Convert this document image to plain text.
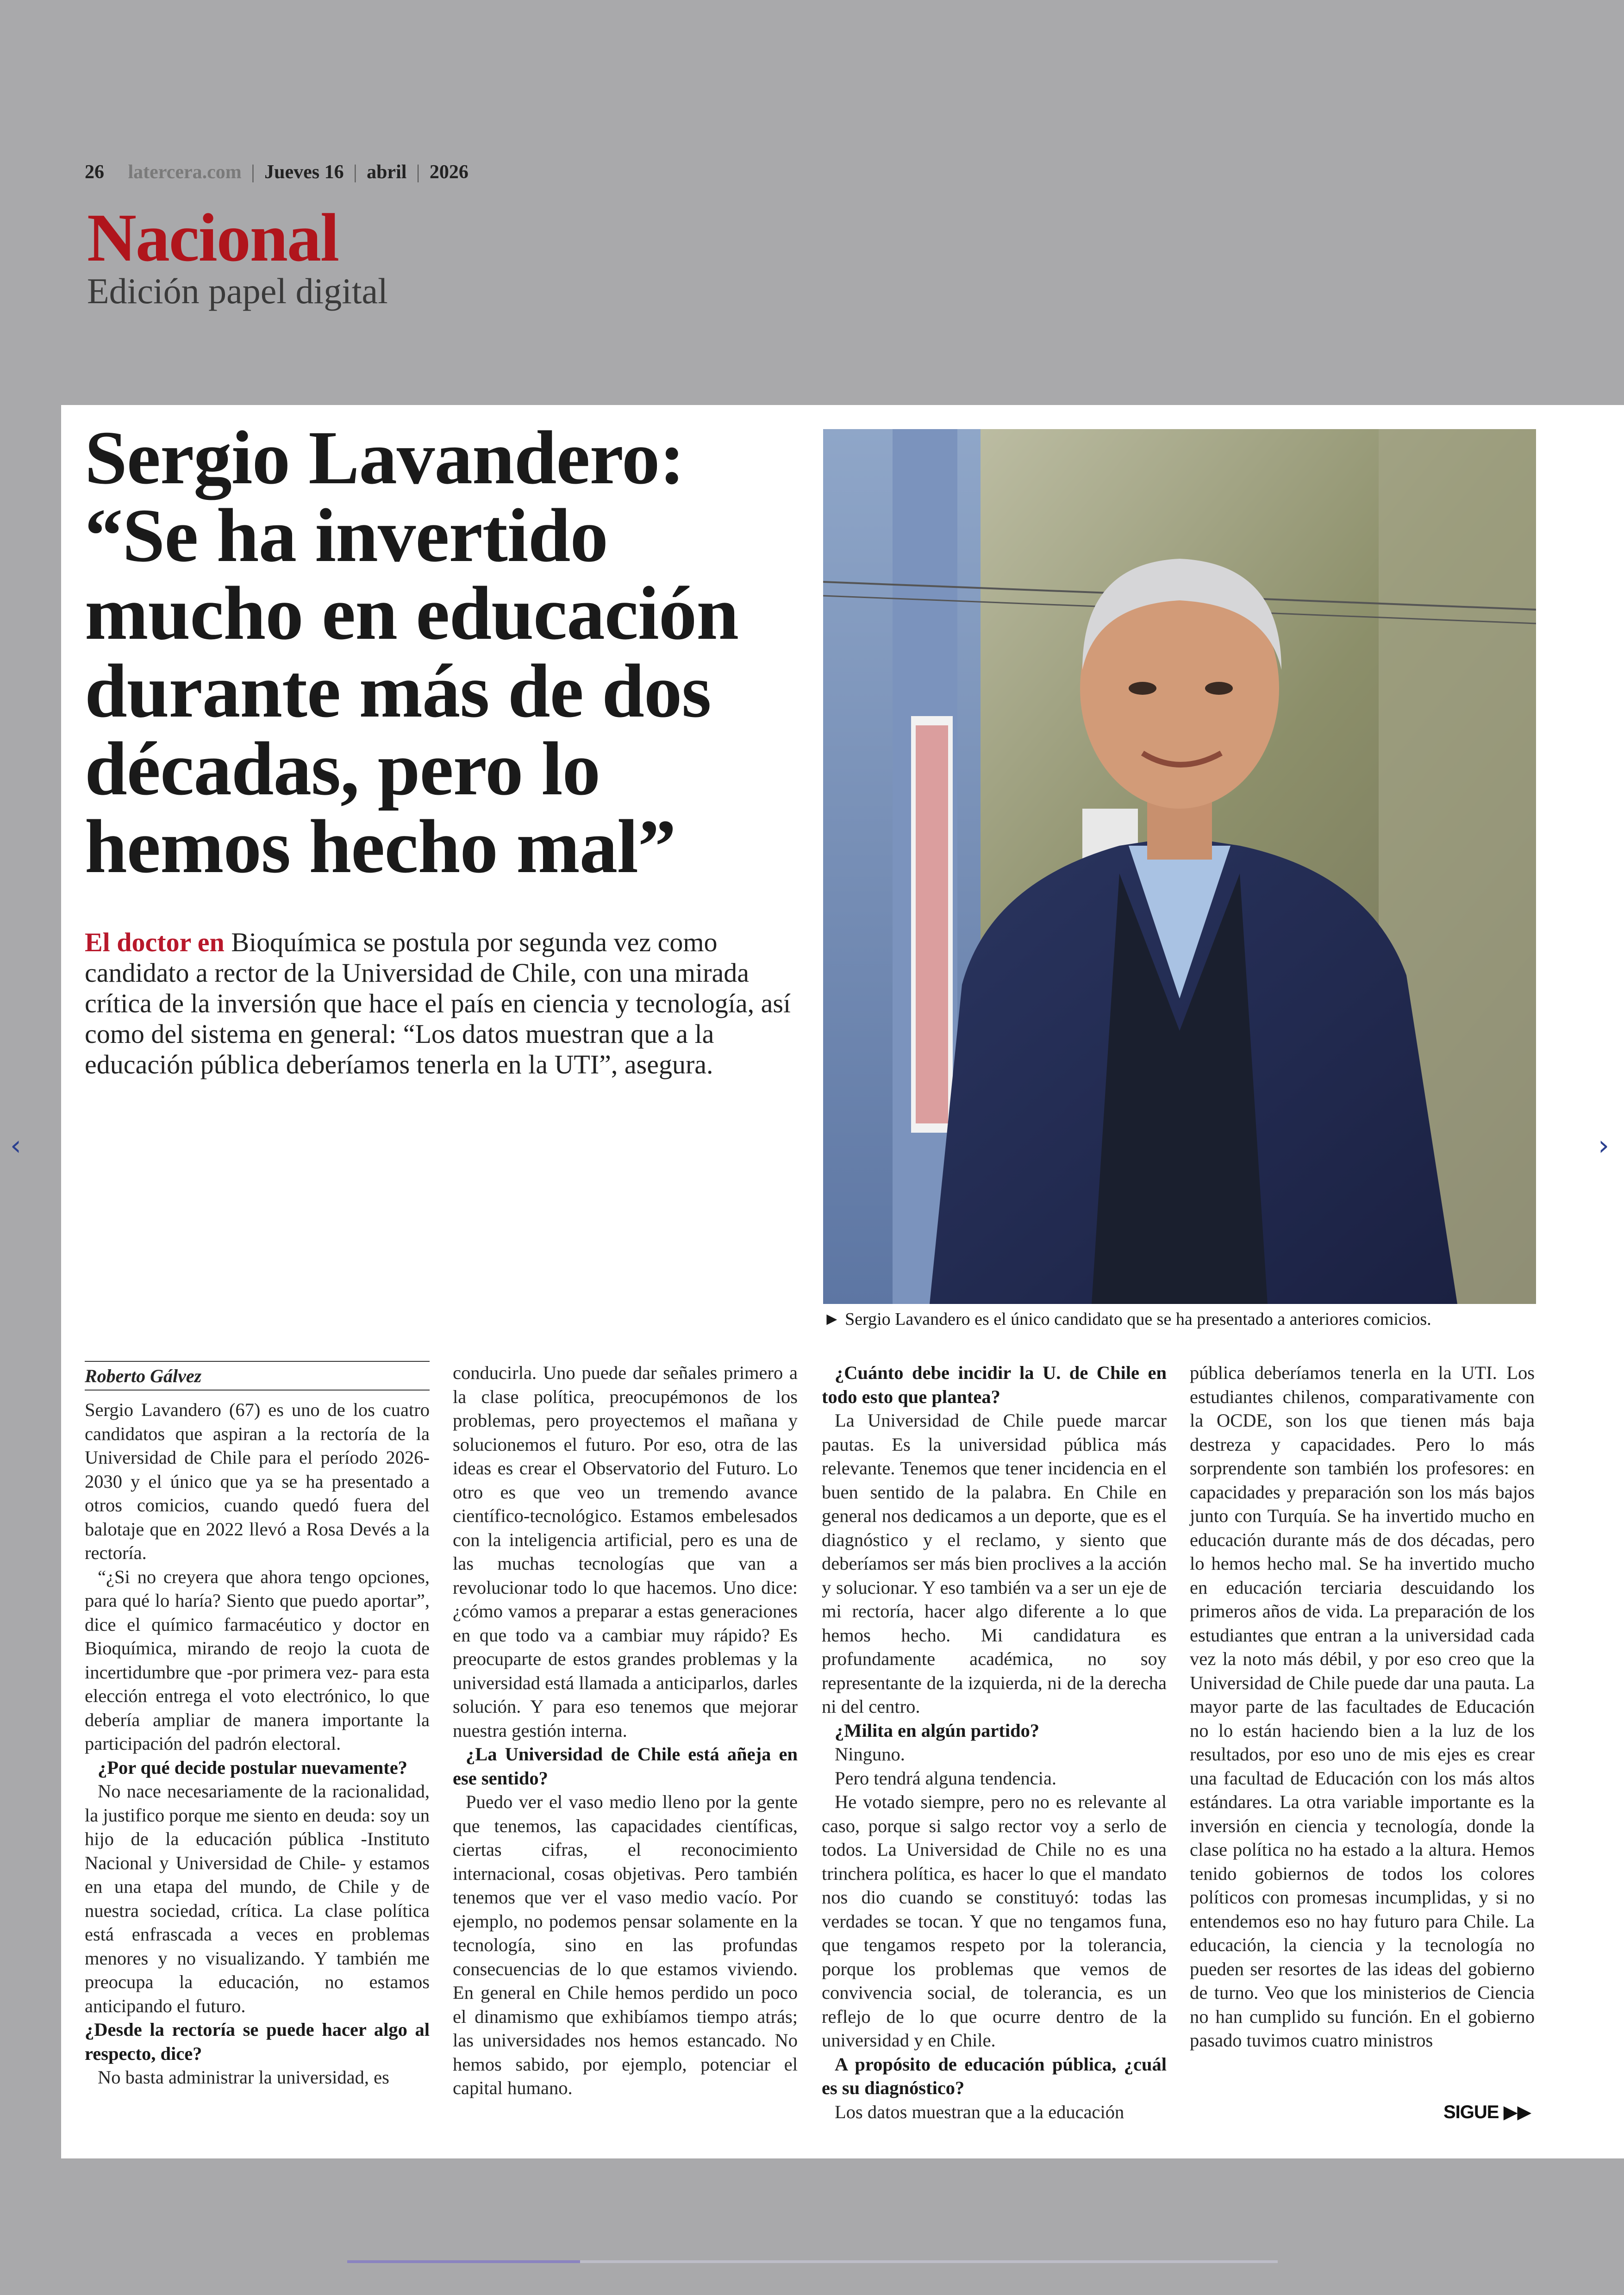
26 latercera.com | Jueves 16 | abril | 2026
Nacional
Edición papel digital
Sergio Lavandero: “Se ha invertido mucho en educación durante más de dos décadas, pero lo hemos hecho mal”
El doctor en Bioquímica se postula por segunda vez como candidato a rector de la Universidad de Chile, con una mirada crítica de la inversión que hace el país en ciencia y tecnología, así como del sistema en general: “Los datos muestran que a la educación pública deberíamos tenerla en la UTI”, asegura.
► Sergio Lavandero es el único candidato que se ha presentado a anteriores comicios.
Roberto Gálvez

Sergio Lavandero (67) es uno de los cuatro candidatos que aspiran a la rectoría de la Universidad de Chile para el período 2026-2030 y el único que ya se ha presentado a otros comicios, cuando quedó fuera del balotaje que en 2022 llevó a Rosa Devés a la rectoría.

“¿Si no creyera que ahora tengo opciones, para qué lo haría? Siento que puedo aportar”, dice el químico farmacéutico y doctor en Bioquímica, mirando de reojo la cuota de incertidumbre que -por primera vez- para esta elección entrega el voto electrónico, lo que debería ampliar de manera importante la participación del padrón electoral.

¿Por qué decide postular nuevamente?

No nace necesariamente de la racionalidad, la justifico porque me siento en deuda: soy un hijo de la educación pública -Instituto Nacional y Universidad de Chile- y estamos en una etapa del mundo, de Chile y de nuestra sociedad, crítica. La clase política está enfrascada a veces en problemas menores y no visualizando. Y también me preocupa la educación, no estamos anticipando el futuro.

¿Desde la rectoría se puede hacer algo al respecto, dice?

No basta administrar la universidad, es

conducirla. Uno puede dar señales primero a la clase política, preocupémonos de los problemas, pero proyectemos el mañana y solucionemos el futuro. Por eso, otra de las ideas es crear el Observatorio del Futuro. Lo otro es que veo un tremendo avance científico-tecnológico. Estamos embelesados con la inteligencia artificial, pero es una de las muchas tecnologías que van a revolucionar todo lo que hacemos. Uno dice: ¿cómo vamos a preparar a estas generaciones en que todo va a cambiar muy rápido? Es preocuparte de estos grandes problemas y la universidad está llamada a anticiparlos, darles solución. Y para eso tenemos que mejorar nuestra gestión interna.

¿La Universidad de Chile está añeja en ese sentido?

Puedo ver el vaso medio lleno por la gente que tenemos, las capacidades científicas, ciertas cifras, el reconocimiento internacional, cosas objetivas. Pero también tenemos que ver el vaso medio vacío. Por ejemplo, no podemos pensar solamente en la tecnología, sino en las profundas consecuencias de lo que estamos viviendo. En general en Chile hemos perdido un poco el dinamismo que exhibíamos tiempo atrás; las universidades nos hemos estancado. No hemos sabido, por ejemplo, potenciar el capital humano.

¿Cuánto debe incidir la U. de Chile en todo esto que plantea?

La Universidad de Chile puede marcar pautas. Es la universidad pública más relevante. Tenemos que tener incidencia en el buen sentido de la palabra. En Chile en general nos dedicamos a un deporte, que es el diagnóstico y el reclamo, y siento que deberíamos ser más bien proclives a la acción y solucionar. Y eso también va a ser un eje de mi rectoría, hacer algo diferente a lo que hemos hecho. Mi candidatura es profundamente académica, no soy representante de la izquierda, ni de la derecha ni del centro.

¿Milita en algún partido?

Ninguno.

Pero tendrá alguna tendencia.

He votado siempre, pero no es relevante al caso, porque si salgo rector voy a serlo de todos. La Universidad de Chile no es una trinchera política, es hacer lo que el mandato nos dio cuando se constituyó: todas las verdades se tocan. Y que no tengamos funa, que tengamos respeto por la tolerancia, porque los problemas que vemos de convivencia social, de tolerancia, es un reflejo de lo que ocurre dentro de la universidad y en Chile.

A propósito de educación pública, ¿cuál es su diagnóstico?

Los datos muestran que a la educación

pública deberíamos tenerla en la UTI. Los estudiantes chilenos, comparativamente con la OCDE, son los que tienen más baja destreza y capacidades. Pero lo más sorprendente son también los profesores: en capacidades y preparación son los más bajos junto con Turquía. Se ha invertido mucho en educación durante más de dos décadas, pero lo hemos hecho mal. Se ha invertido mucho en educación terciaria descuidando los primeros años de vida. La preparación de los estudiantes que entran a la universidad cada vez la noto más débil, y por eso creo que la Universidad de Chile puede dar una pauta. La mayor parte de las facultades de Educación no lo están haciendo bien a la luz de los resultados, por eso uno de mis ejes es crear una facultad de Educación con los más altos estándares. La otra variable importante es la inversión en ciencia y tecnología, donde la clase política no ha estado a la altura. Hemos tenido gobiernos de todos los colores políticos con promesas incumplidas, y si no entendemos eso no hay futuro para Chile. La educación, la ciencia y la tecnología no pueden ser resortes de las ideas del gobierno de turno. Veo que los ministerios de Ciencia no han cumplido su función. En el gobierno pasado tuvimos cuatro ministros

SIGUE ▶▶
‹	›
